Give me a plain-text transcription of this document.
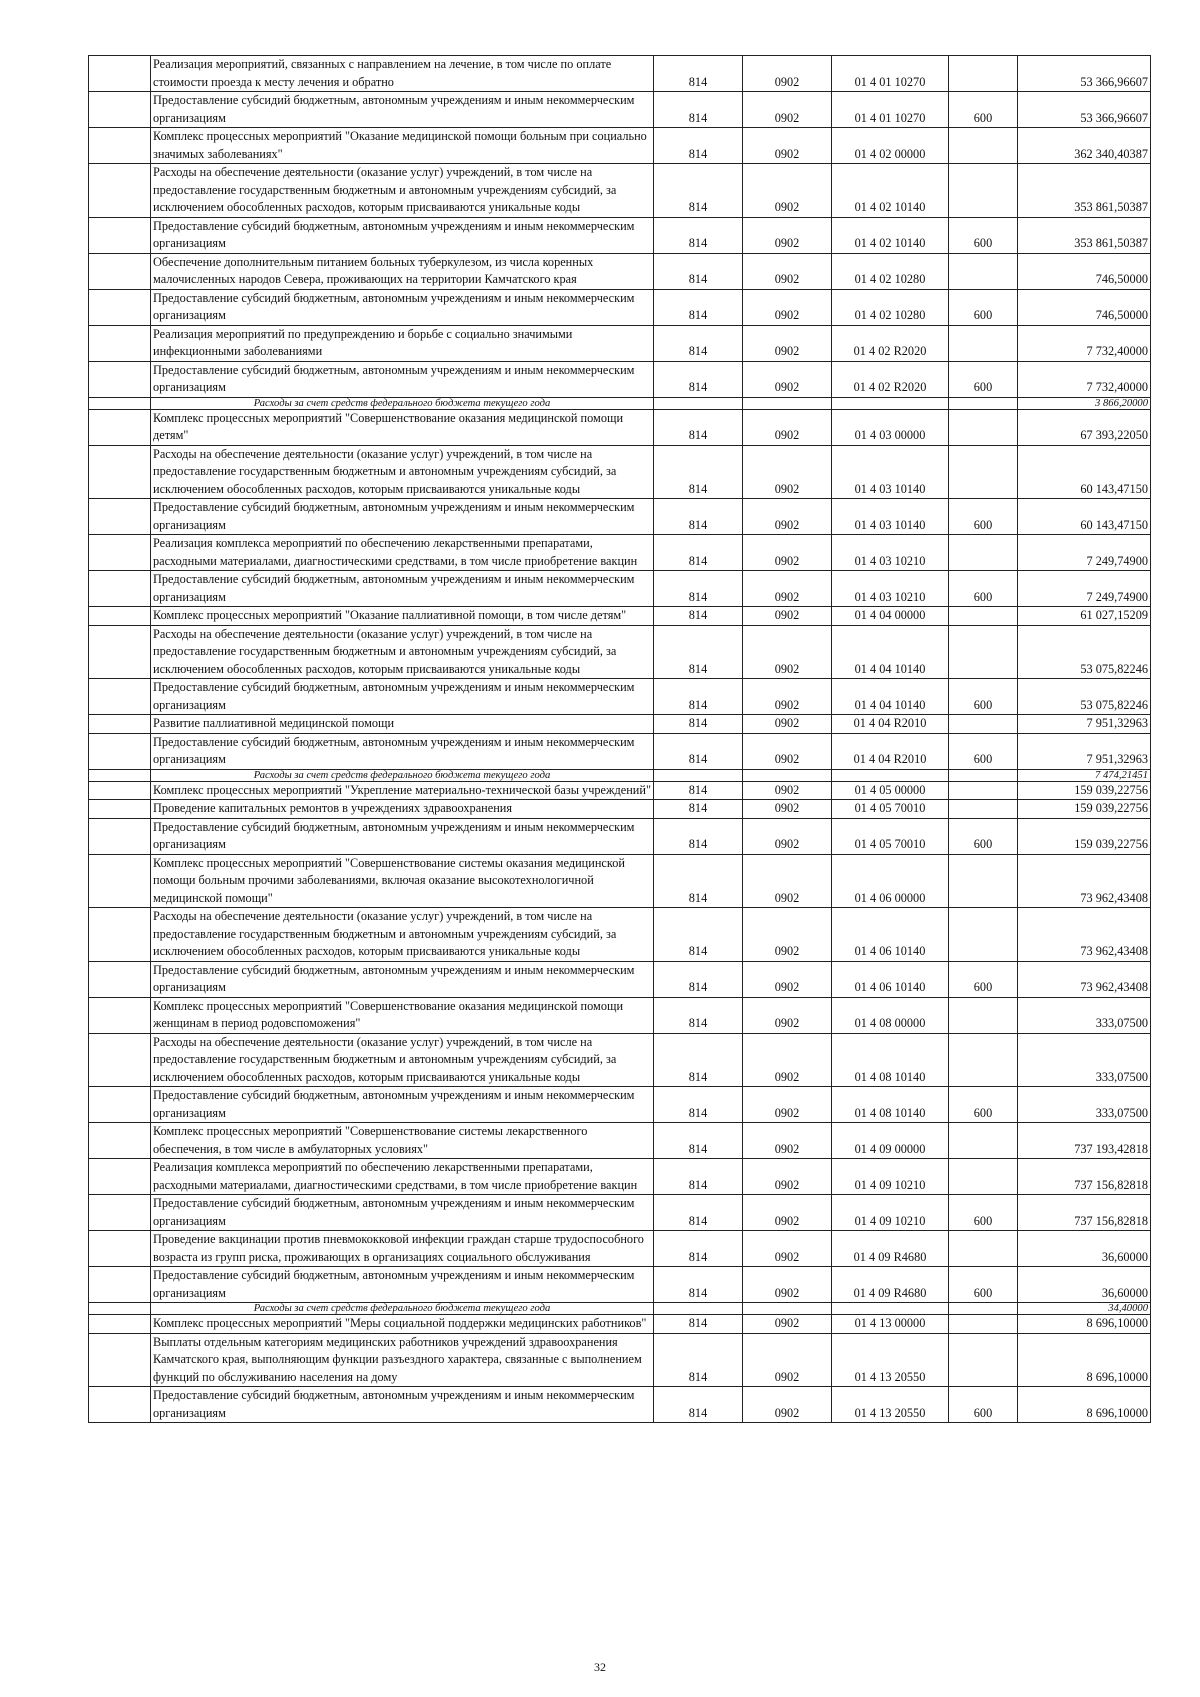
	Реализация мероприятий, связанных с направлением на лечение, в том числе по оплате стоимости проезда к месту лечения и обратно	814	0902	01 4 01 10270		53 366,96607
	Предоставление субсидий бюджетным, автономным учреждениям и иным некоммерческим организациям	814	0902	01 4 01 10270	600	53 366,96607
	Комплекс процессных мероприятий "Оказание медицинской помощи больным при социально значимых заболеваниях"	814	0902	01 4 02 00000		362 340,40387
	Расходы на обеспечение деятельности (оказание услуг) учреждений, в том числе на предоставление государственным бюджетным и автономным учреждениям субсидий, за исключением обособленных расходов, которым присваиваются уникальные коды	814	0902	01 4 02 10140		353 861,50387
	Предоставление субсидий бюджетным, автономным учреждениям и иным некоммерческим организациям	814	0902	01 4 02 10140	600	353 861,50387
	Обеспечение дополнительным питанием больных туберкулезом, из числа коренных малочисленных народов Севера, проживающих на территории Камчатского края	814	0902	01 4 02 10280		746,50000
	Предоставление субсидий бюджетным, автономным учреждениям и иным некоммерческим организациям	814	0902	01 4 02 10280	600	746,50000
	Реализация мероприятий по предупреждению и борьбе с социально значимыми инфекционными заболеваниями	814	0902	01 4 02 R2020		7 732,40000
	Предоставление субсидий бюджетным, автономным учреждениям и иным некоммерческим организациям	814	0902	01 4 02 R2020	600	7 732,40000
	Расходы за счет средств федерального бюджета текущего года					3 866,20000
	Комплекс процессных мероприятий "Совершенствование оказания медицинской помощи детям"	814	0902	01 4 03 00000		67 393,22050
	Расходы на обеспечение деятельности (оказание услуг) учреждений, в том числе на предоставление государственным бюджетным и автономным учреждениям субсидий, за исключением обособленных расходов, которым присваиваются уникальные коды	814	0902	01 4 03 10140		60 143,47150
	Предоставление субсидий бюджетным, автономным учреждениям и иным некоммерческим организациям	814	0902	01 4 03 10140	600	60 143,47150
	Реализация комплекса мероприятий по обеспечению лекарственными препаратами, расходными материалами, диагностическими средствами, в том числе приобретение вакцин	814	0902	01 4 03 10210		7 249,74900
	Предоставление субсидий бюджетным, автономным учреждениям и иным некоммерческим организациям	814	0902	01 4 03 10210	600	7 249,74900
	Комплекс процессных мероприятий "Оказание паллиативной помощи, в том числе детям"	814	0902	01 4 04 00000		61 027,15209
	Расходы на обеспечение деятельности (оказание услуг) учреждений, в том числе на предоставление государственным бюджетным и автономным учреждениям субсидий, за исключением обособленных расходов, которым присваиваются уникальные коды	814	0902	01 4 04 10140		53 075,82246
	Предоставление субсидий бюджетным, автономным учреждениям и иным некоммерческим организациям	814	0902	01 4 04 10140	600	53 075,82246
	Развитие паллиативной медицинской помощи	814	0902	01 4 04 R2010		7 951,32963
	Предоставление субсидий бюджетным, автономным учреждениям и иным некоммерческим организациям	814	0902	01 4 04 R2010	600	7 951,32963
	Расходы за счет средств федерального бюджета текущего года					7 474,21451
	Комплекс процессных мероприятий "Укрепление материально-технической базы учреждений"	814	0902	01 4 05 00000		159 039,22756
	Проведение капитальных ремонтов в учреждениях здравоохранения	814	0902	01 4 05 70010		159 039,22756
	Предоставление субсидий бюджетным, автономным учреждениям и иным некоммерческим организациям	814	0902	01 4 05 70010	600	159 039,22756
	Комплекс процессных мероприятий "Совершенствование системы оказания медицинской помощи больным прочими заболеваниями, включая оказание высокотехнологичной медицинской помощи"	814	0902	01 4 06 00000		73 962,43408
	Расходы на обеспечение деятельности (оказание услуг) учреждений, в том числе на предоставление государственным бюджетным и автономным учреждениям субсидий, за исключением обособленных расходов, которым присваиваются уникальные коды	814	0902	01 4 06 10140		73 962,43408
	Предоставление субсидий бюджетным, автономным учреждениям и иным некоммерческим организациям	814	0902	01 4 06 10140	600	73 962,43408
	Комплекс процессных мероприятий "Совершенствование оказания медицинской помощи женщинам в период родовспоможения"	814	0902	01 4 08 00000		333,07500
	Расходы на обеспечение деятельности (оказание услуг) учреждений, в том числе на предоставление государственным бюджетным и автономным учреждениям субсидий, за исключением обособленных расходов, которым присваиваются уникальные коды	814	0902	01 4 08 10140		333,07500
	Предоставление субсидий бюджетным, автономным учреждениям и иным некоммерческим организациям	814	0902	01 4 08 10140	600	333,07500
	Комплекс процессных мероприятий "Совершенствование системы лекарственного обеспечения, в том числе в амбулаторных условиях"	814	0902	01 4 09 00000		737 193,42818
	Реализация комплекса мероприятий по обеспечению лекарственными препаратами, расходными материалами, диагностическими средствами, в том числе приобретение вакцин	814	0902	01 4 09 10210		737 156,82818
	Предоставление субсидий бюджетным, автономным учреждениям и иным некоммерческим организациям	814	0902	01 4 09 10210	600	737 156,82818
	Проведение вакцинации против пневмококковой инфекции граждан старше трудоспособного возраста из групп риска, проживающих в организациях социального обслуживания	814	0902	01 4 09 R4680		36,60000
	Предоставление субсидий бюджетным, автономным учреждениям и иным некоммерческим организациям	814	0902	01 4 09 R4680	600	36,60000
	Расходы за счет средств федерального бюджета текущего года					34,40000
	Комплекс процессных мероприятий "Меры социальной поддержки медицинских работников"	814	0902	01 4 13 00000		8 696,10000
	Выплаты отдельным категориям медицинских работников учреждений здравоохранения Камчатского края, выполняющим функции разъездного характера, связанные с выполнением функций по обслуживанию населения на дому	814	0902	01 4 13 20550		8 696,10000
	Предоставление субсидий бюджетным, автономным учреждениям и иным некоммерческим организациям	814	0902	01 4 13 20550	600	8 696,10000
32
